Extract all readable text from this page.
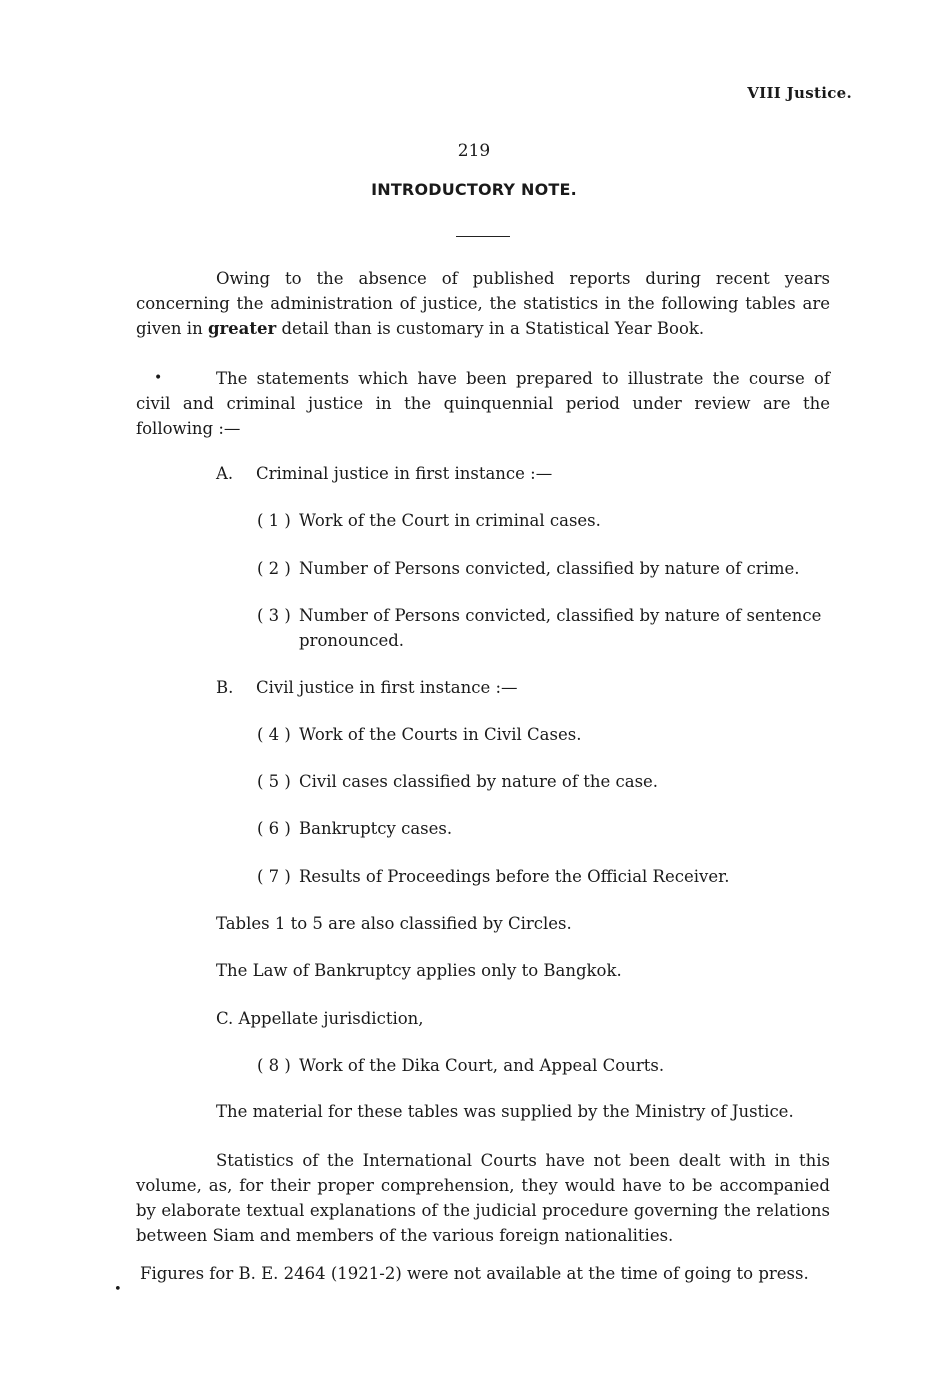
VIII Justice.
219
INTRODUCTORY NOTE.

Owing to the absence of published reports during recent years concerning the administration of justice, the statistics in the following tables are given in greater detail than is customary in a Statistical Year Book.

•	The statements which have been prepared to illustrate the course of civil and criminal justice in the quinquennial period under review are the following :—

A. Criminal justice in first instance :—
( 1 ) Work of the Court in criminal cases.
( 2 ) Number of Persons convicted, classified by nature of crime.
( 3 ) Number of Persons convicted, classified by nature of sentence
pronounced.
B. Civil justice in first instance :—
( 4 ) Work of the Courts in Civil Cases.
( 5 ) Civil cases classified by nature of the case.
( 6 ) Bankruptcy cases.
( 7 ) Results of Proceedings before the Official Receiver.
Tables 1 to 5 are also classified by Circles.
The Law of Bankruptcy applies only to Bangkok.
C. Appellate jurisdiction,
( 8 ) Work of the Dika Court, and Appeal Courts.
The material for these tables was supplied by the Ministry of Justice.

Statistics of the International Courts have not been dealt with in this volume, as, for their proper comprehension, they would have to be accompanied by elaborate textual explanations of the judicial procedure governing the relations between Siam and members of the various foreign nationalities.

•
Figures for B. E. 2464 (1921-2) were not available at the time of going to press.
